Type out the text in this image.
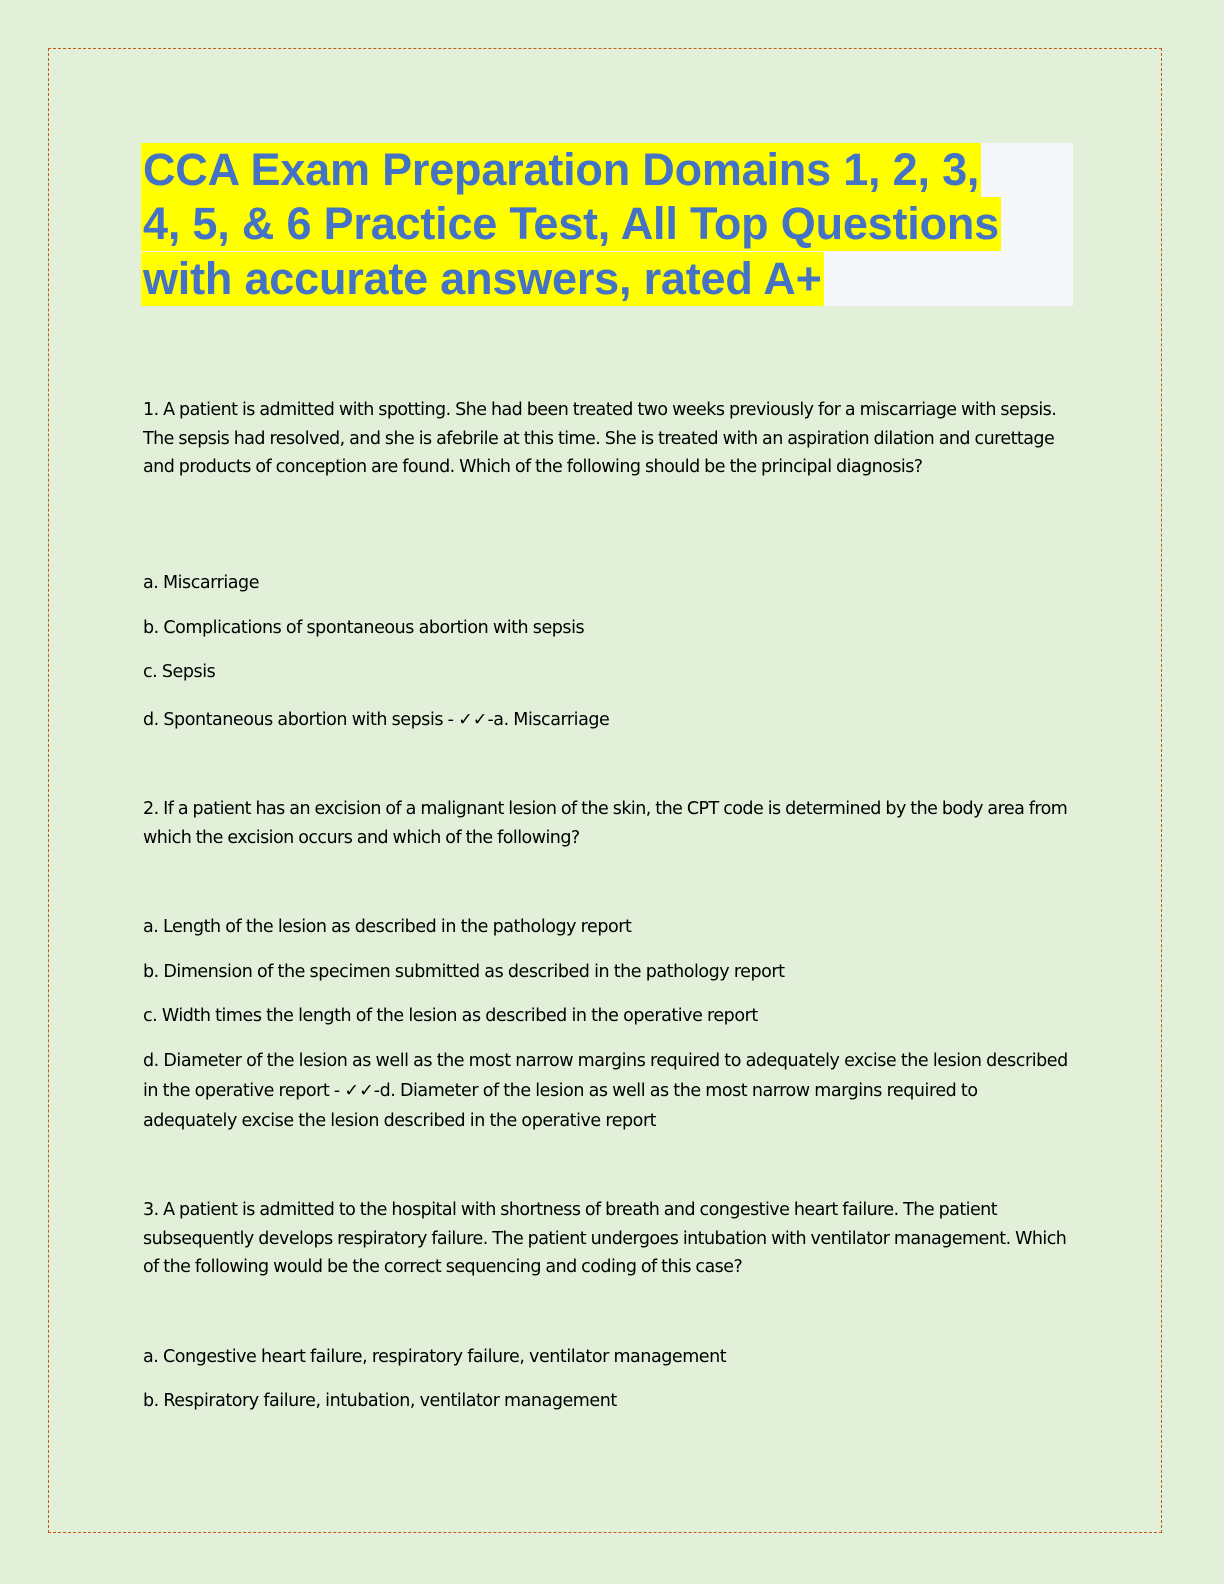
CCA Exam Preparation Domains 1, 2, 3,
4, 5, & 6 Practice Test, All Top Questions
with accurate answers, rated A+
1. A patient is admitted with spotting. She had been treated two weeks previously for a miscarriage with sepsis. The sepsis had resolved, and she is afebrile at this time. She is treated with an aspiration dilation and curettage and products of conception are found. Which of the following should be the principal diagnosis?
a. Miscarriage
b. Complications of spontaneous abortion with sepsis
c. Sepsis
d. Spontaneous abortion with sepsis - ✓✓-a. Miscarriage
2. If a patient has an excision of a malignant lesion of the skin, the CPT code is determined by the body area from which the excision occurs and which of the following?
a. Length of the lesion as described in the pathology report
b. Dimension of the specimen submitted as described in the pathology report
c. Width times the length of the lesion as described in the operative report
d. Diameter of the lesion as well as the most narrow margins required to adequately excise the lesion described in the operative report - ✓✓-d. Diameter of the lesion as well as the most narrow margins required to adequately excise the lesion described in the operative report
3. A patient is admitted to the hospital with shortness of breath and congestive heart failure. The patient subsequently develops respiratory failure. The patient undergoes intubation with ventilator management. Which of the following would be the correct sequencing and coding of this case?
a. Congestive heart failure, respiratory failure, ventilator management
b. Respiratory failure, intubation, ventilator management
